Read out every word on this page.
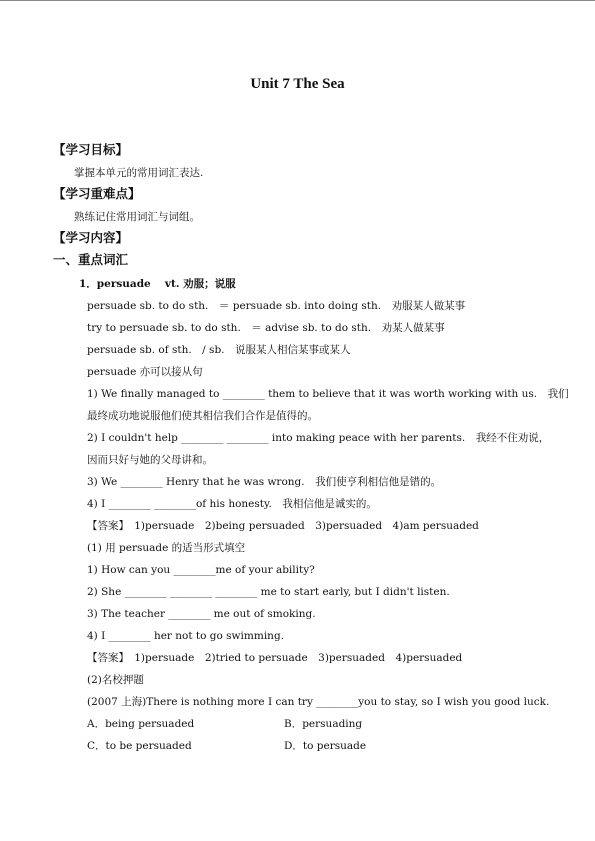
Unit 7 The Sea
【学习目标】
掌握本单元的常用词汇表达.
【学习重难点】
熟练记住常用词汇与词组。
【学习内容】
一、重点词汇
1．persuade　 vt. 劝服；说服
persuade sb. to do sth.　＝ persuade sb. into doing sth.　劝服某人做某事
try to persuade sb. to do sth.　＝ advise sb. to do sth.　劝某人做某事
persuade sb. of sth.　/ sb.　说服某人相信某事或某人
persuade 亦可以接从句
1) We finally managed to ________ them to believe that it was worth working with us.　我们
最终成功地说服他们使其相信我们合作是值得的。
2) I couldn't help ________ ________ into making peace with her parents.　我经不住劝说，
因而只好与她的父母讲和。
3) We ________ Henry that he was wrong.　我们使亨利相信他是错的。
4) I ________ ________of his honesty.　我相信他是诚实的。
【答案】　1)persuade　2)being persuaded　3)persuaded　4)am persuaded
(1) 用 persuade 的适当形式填空
1) How can you ________me of your ability?
2) She ________ ________ ________ me to start early, but I didn't listen.
3) The teacher ________ me out of smoking.
4) I ________ her not to go swimming.
【答案】　1)persuade　2)tried to persuade　3)persuaded　4)persuaded
(2)名校押题
(2007 上海)There is nothing more I can try ________you to stay, so I wish you good luck.
A．being persuaded	B．persuading
C．to be persuaded	D．to persuade
